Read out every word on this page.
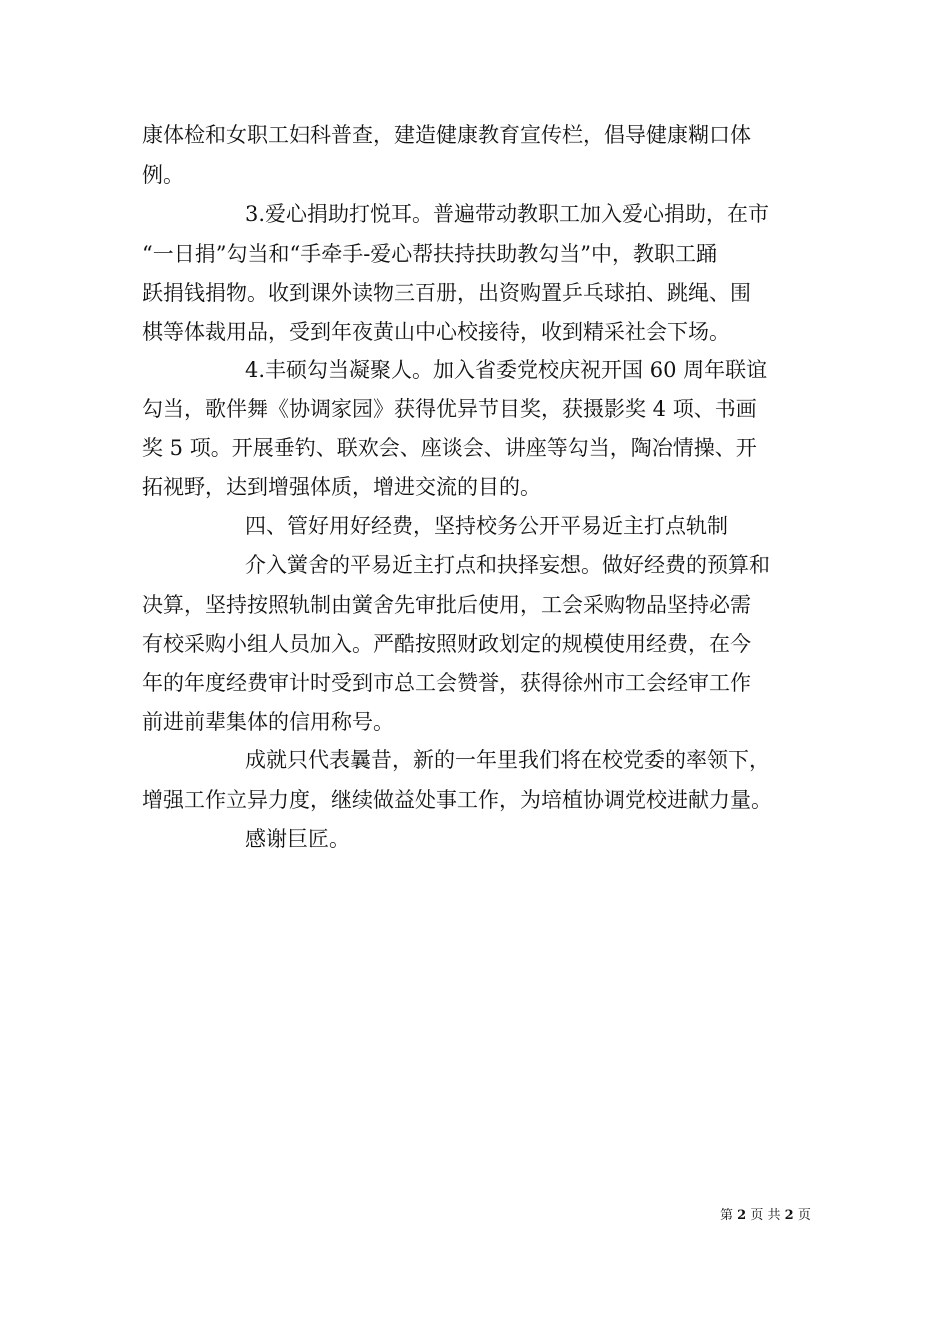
康体检和女职工妇科普查，建造健康教育宣传栏，倡导健康糊口体
例。
3.爱心捐助打悦耳。普遍带动教职工加入爱心捐助，在市
“一日捐”勾当和“手牵手-爱心帮扶持扶助教勾当”中，教职工踊
跃捐钱捐物。收到课外读物三百册，出资购置乒乓球拍、跳绳、围
棋等体裁用品，受到年夜黄山中心校接待，收到精采社会下场。
4.丰硕勾当凝聚人。加入省委党校庆祝开国 60 周年联谊
勾当，歌伴舞《协调家园》获得优异节目奖，获摄影奖 4 项、书画
奖 5 项。开展垂钓、联欢会、座谈会、讲座等勾当，陶冶情操、开
拓视野，达到增强体质，增进交流的目的。
四、管好用好经费，坚持校务公开平易近主打点轨制
介入黉舍的平易近主打点和抉择妄想。做好经费的预算和
决算，坚持按照轨制由黉舍先审批后使用，工会采购物品坚持必需
有校采购小组人员加入。严酷按照财政划定的规模使用经费，在今
年的年度经费审计时受到市总工会赞誉，获得徐州市工会经审工作
前进前辈集体的信用称号。
成就只代表曩昔，新的一年里我们将在校党委的率领下，
增强工作立异力度，继续做益处事工作，为培植协调党校进献力量。
感谢巨匠。
第 2 页 共 2 页
